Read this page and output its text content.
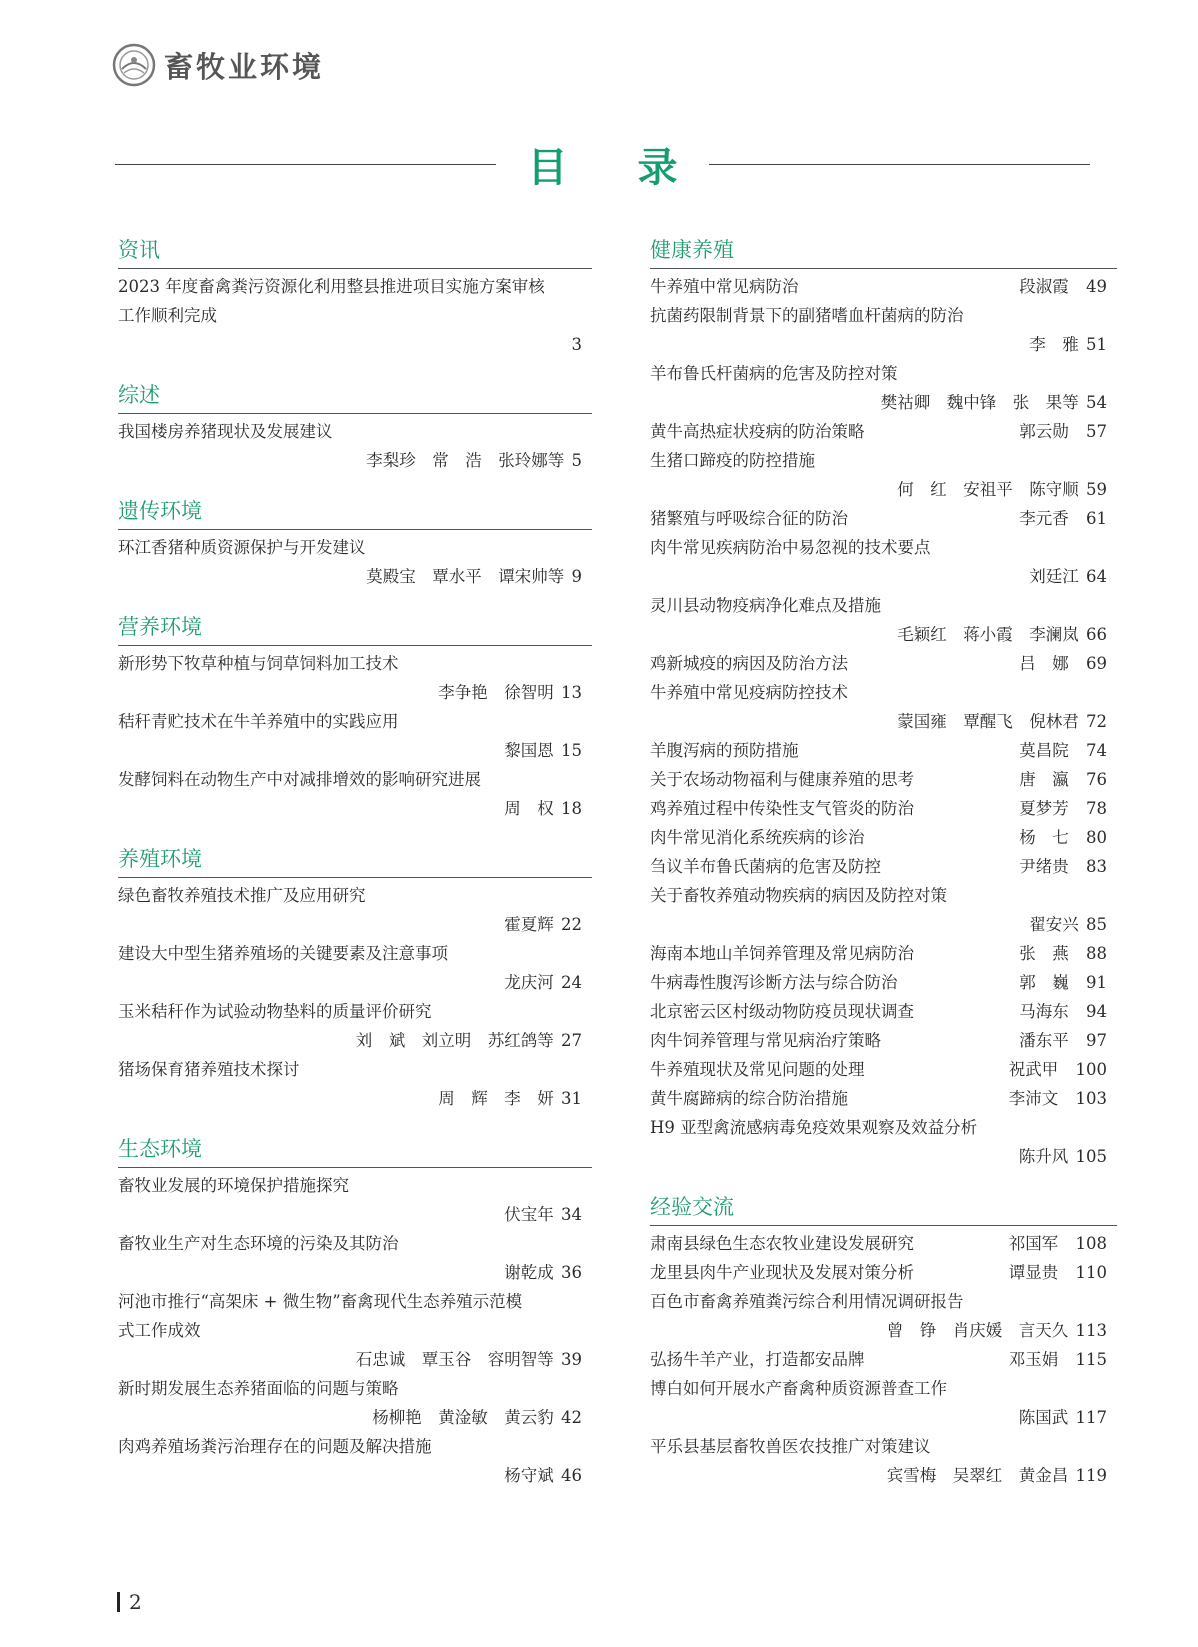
畜牧业环境
目 录
资讯
2023 年度畜禽粪污资源化利用整县推进项目实施方案审核
工作顺利完成
3
综述
我国楼房养猪现状及发展建议
李梨珍　常　浩　张玲娜等 5
遗传环境
环江香猪种质资源保护与开发建议
莫殿宝　覃水平　谭宋帅等 9
营养环境
新形势下牧草种植与饲草饲料加工技术
李争艳　徐智明 13
秸秆青贮技术在牛羊养殖中的实践应用
黎国恩 15
发酵饲料在动物生产中对减排增效的影响研究进展
周　权 18
养殖环境
绿色畜牧养殖技术推广及应用研究
霍夏辉 22
建设大中型生猪养殖场的关键要素及注意事项
龙庆河 24
玉米秸秆作为试验动物垫料的质量评价研究
刘　斌　刘立明　苏红鸽等 27
猪场保育猪养殖技术探讨
周　辉　李　妍 31
生态环境
畜牧业发展的环境保护措施探究
伏宝年 34
畜牧业生产对生态环境的污染及其防治
谢乾成 36
河池市推行“高架床 + 微生物”畜禽现代生态养殖示范模
式工作成效
石忠诚　覃玉谷　容明智等 39
新时期发展生态养猪面临的问题与策略
杨柳艳　黄淦敏　黄云豹 42
肉鸡养殖场粪污治理存在的问题及解决措施
杨守斌 46
健康养殖
牛养殖中常见病防治	段淑霞 49
抗菌药限制背景下的副猪嗜血杆菌病的防治
李　雅 51
羊布鲁氏杆菌病的危害及防控对策
樊祜卿　魏中锋　张　果等 54
黄牛高热症状疫病的防治策略	郭云勋 57
生猪口蹄疫的防控措施
何　红　安祖平　陈守顺 59
猪繁殖与呼吸综合征的防治	李元香 61
肉牛常见疾病防治中易忽视的技术要点
刘廷江 64
灵川县动物疫病净化难点及措施
毛颖红　蒋小霞　李澜岚 66
鸡新城疫的病因及防治方法	吕　娜 69
牛养殖中常见疫病防控技术
蒙国雍　覃醒飞　倪林君 72
羊腹泻病的预防措施	莫昌院 74
关于农场动物福利与健康养殖的思考	唐　瀛 76
鸡养殖过程中传染性支气管炎的防治	夏梦芳 78
肉牛常见消化系统疾病的诊治	杨　七 80
刍议羊布鲁氏菌病的危害及防控	尹绪贵 83
关于畜牧养殖动物疾病的病因及防控对策
翟安兴 85
海南本地山羊饲养管理及常见病防治	张　燕 88
牛病毒性腹泻诊断方法与综合防治	郭　巍 91
北京密云区村级动物防疫员现状调查	马海东 94
肉牛饲养管理与常见病治疗策略	潘东平 97
牛养殖现状及常见问题的处理	祝武甲 100
黄牛腐蹄病的综合防治措施	李沛文 103
H9 亚型禽流感病毒免疫效果观察及效益分析
陈升风 105
经验交流
肃南县绿色生态农牧业建设发展研究	祁国军 108
龙里县肉牛产业现状及发展对策分析	谭显贵 110
百色市畜禽养殖粪污综合利用情况调研报告
曾　铮　肖庆媛　言天久 113
弘扬牛羊产业，打造都安品牌	邓玉娟 115
博白如何开展水产畜禽种质资源普查工作
陈国武 117
平乐县基层畜牧兽医农技推广对策建议
宾雪梅　吴翠红　黄金昌 119
2
